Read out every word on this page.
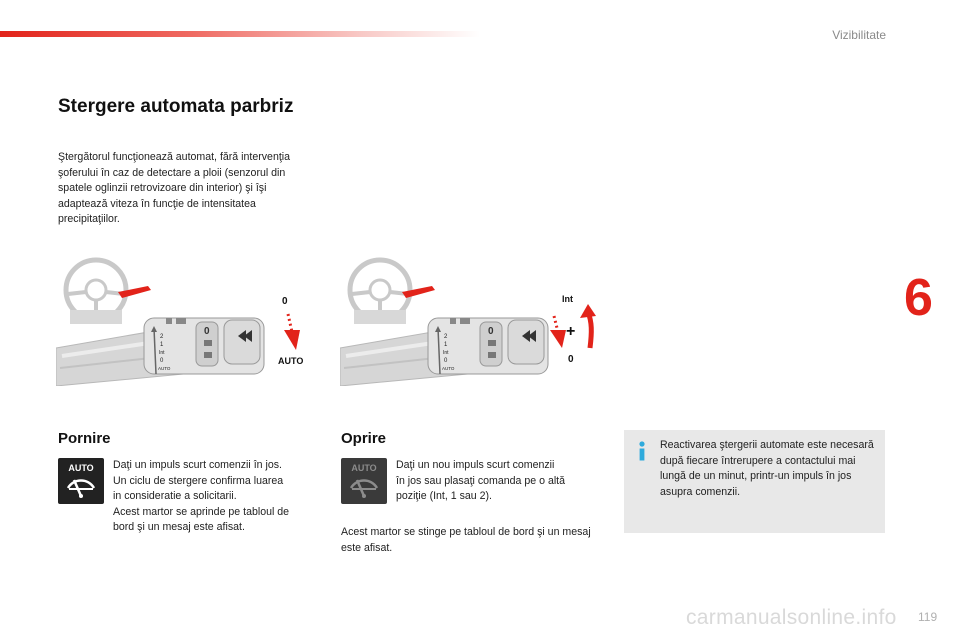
Vizibilitate
6
Stergere automata parbriz
Ştergătorul funcţionează automat, fără intervenţia şoferului în caz de detectare a ploii (senzorul din spatele oglinzii retrovizoare din interior) şi îşi adaptează viteza în funcţie de intensitatea precipitaţiilor.
2
1
Int
0
AUTO
0
0
AUTO
2
1
Int
0
AUTO
0	+
Int
0
Pornire
AUTO Daţi un impuls scurt comenzii în jos.
Un ciclu de stergere confirma luarea
in consideratie a solicitarii.
Acest martor se aprinde pe tabloul de
bord şi un mesaj este afisat.
Oprire
AUTO Daţi un nou impuls scurt comenzii
în jos sau plasaţi comanda pe o altă
poziţie (Int, 1 sau 2).
Acest martor se stinge pe tabloul de bord şi un mesaj este afisat.
Reactivarea ştergerii automate este necesară după fiecare întrerupere a contactului mai lungă de un minut, printr-un impuls în jos asupra comenzii.
119
carmanualsonline.info
